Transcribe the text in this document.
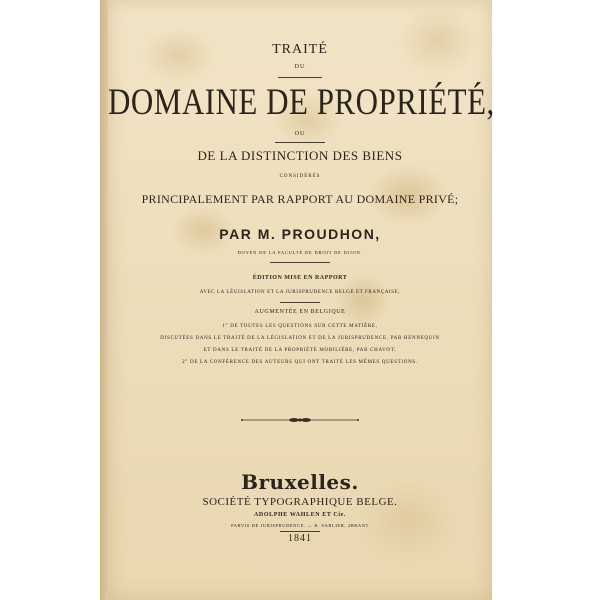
TRAITÉ
DU
DOMAINE DE PROPRIÉTÉ,
OU
DE LA DISTINCTION DES BIENS
CONSIDÉRÉS
PRINCIPALEMENT PAR RAPPORT AU DOMAINE PRIVÉ;
PAR M. PROUDHON,
DOYEN DE LA FACULTÉ DE DROIT DE DIJON.
ÉDITION MISE EN RAPPORT
AVEC LA LÉGISLATION ET LA JURISPRUDENCE BELGE ET FRANÇAISE;
AUGMENTÉE EN BELGIQUE
1° DE TOUTES LES QUESTIONS SUR CETTE MATIÈRE,
DISCUTÉES DANS LE TRAITÉ DE LA LÉGISLATION ET DE LA JURISPRUDENCE, PAR HENNEQUIN
ET DANS LE TRAITÉ DE LA PROPRIÉTÉ MOBILIÈRE, PAR CHAVOT;
2° DE LA CONFÉRENCE DES AUTEURS QUI ONT TRAITÉ LES MÊMES QUESTIONS.
Bruxelles.
SOCIÉTÉ TYPOGRAPHIQUE BELGE.
ADOLPHE WAHLEN ET Cie.
PARVIS DE JURISPRUDENCE. — R. SABLIER, 2BRANT
1841
